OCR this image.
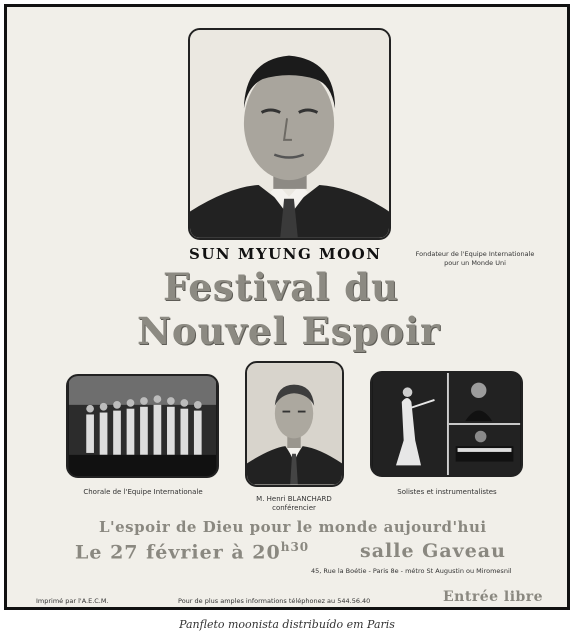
SUN MYUNG MOON	Fondateur de l'Equipe Internationale
pour un Monde Uni
Festival du
Nouvel Espoir
Chorale de l'Equipe Internationale
M. Henri BLANCHARD
conférencier
Solistes et instrumentalistes
L'espoir de Dieu pour le monde aujourd'hui
Le 27 février à $20^{h30}$	salle Gaveau
45, Rue la Boétie - Paris 8e - métro St Augustin ou Miromesnil
Imprimé par l'A.E.C.M.	Pour de plus amples informations téléphonez au 544.56.40	Entrée libre
Panfleto moonista distribuído em Paris
